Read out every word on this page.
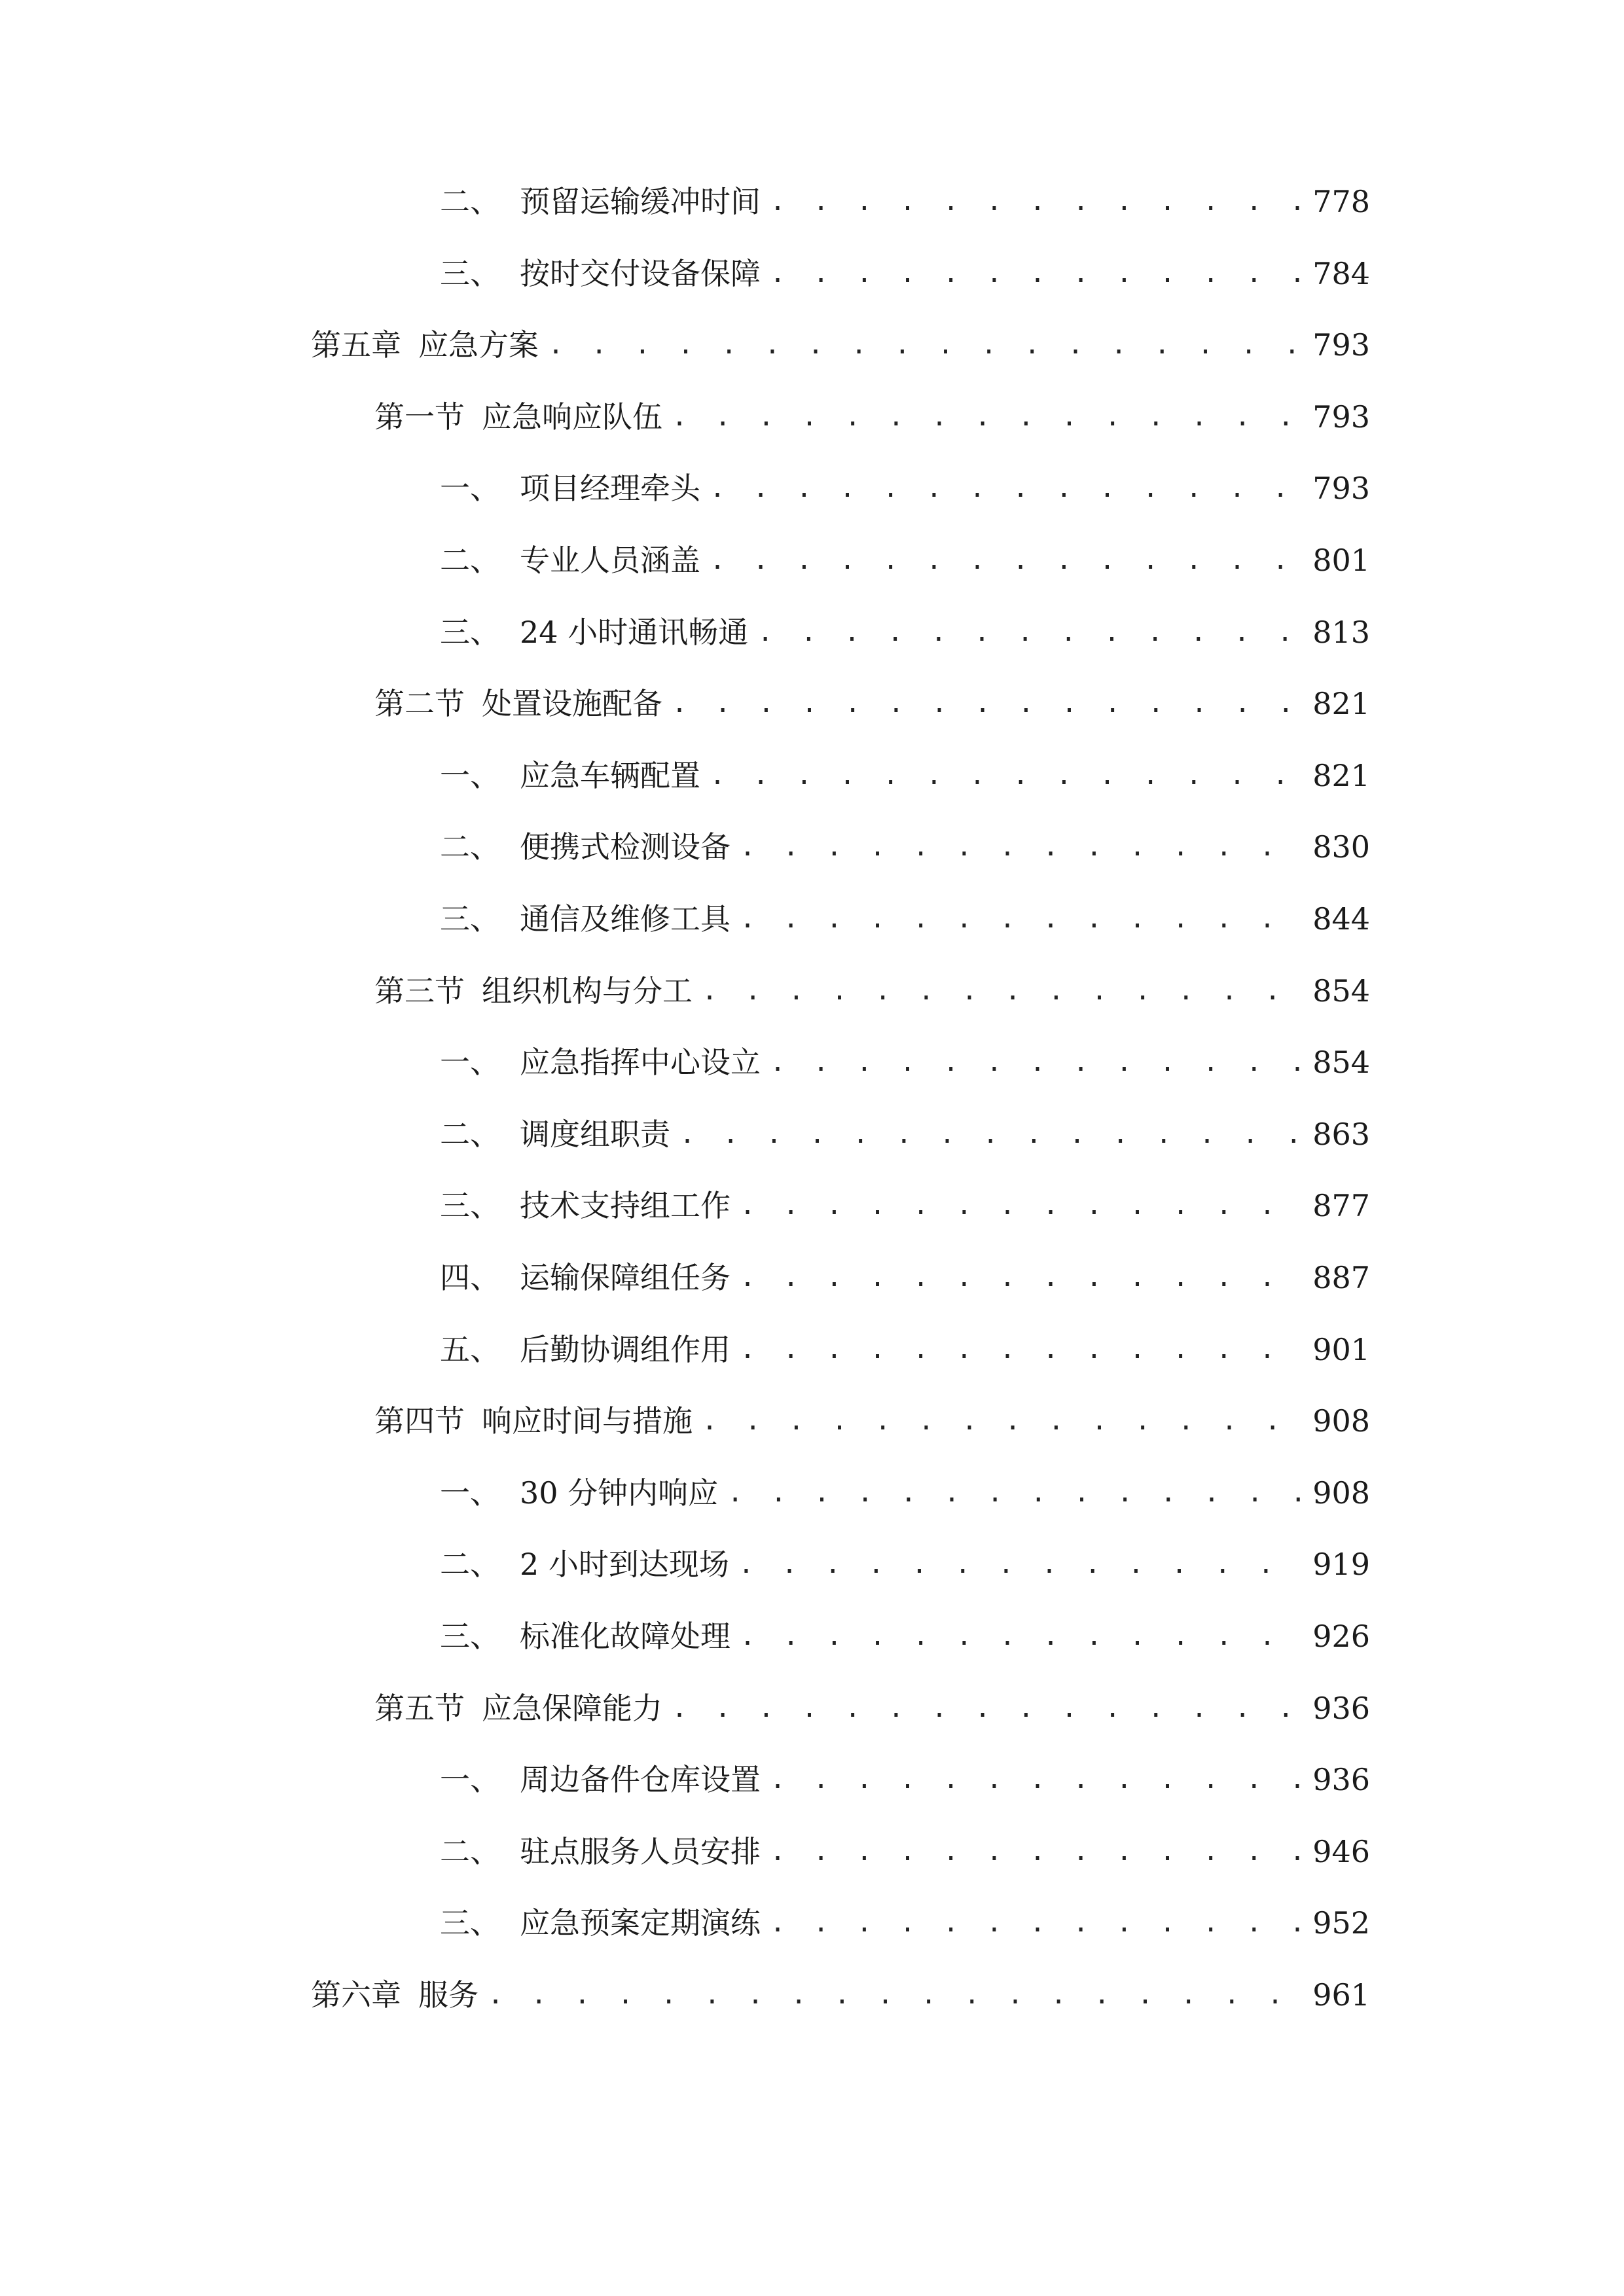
二、 预留运输缓冲时间 . . .	778
三、 按时交付设备保障 . . .	784
第五章 应急方案 . . .	793
第一节 应急响应队伍 . . .	793
一、 项目经理牵头 . . .	793
二、 专业人员涵盖 . . .	801
三、 24 小时通讯畅通 . . .	813
第二节 处置设施配备 . . .	821
一、 应急车辆配置 . . .	821
二、 便携式检测设备 . . .	830
三、 通信及维修工具 . . .	844
第三节 组织机构与分工 . . .	854
一、 应急指挥中心设立 . . .	854
二、 调度组职责 . . .	863
三、 技术支持组工作 . . .	877
四、 运输保障组任务 . . .	887
五、 后勤协调组作用 . . .	901
第四节 响应时间与措施 . . .	908
一、 30 分钟内响应 . . .	908
二、 2 小时到达现场 . . .	919
三、 标准化故障处理 . . .	926
第五节 应急保障能力 . . .	936
一、 周边备件仓库设置 . . .	936
二、 驻点服务人员安排 . . .	946
三、 应急预案定期演练 . . .	952
第六章 服务 . . .	961
